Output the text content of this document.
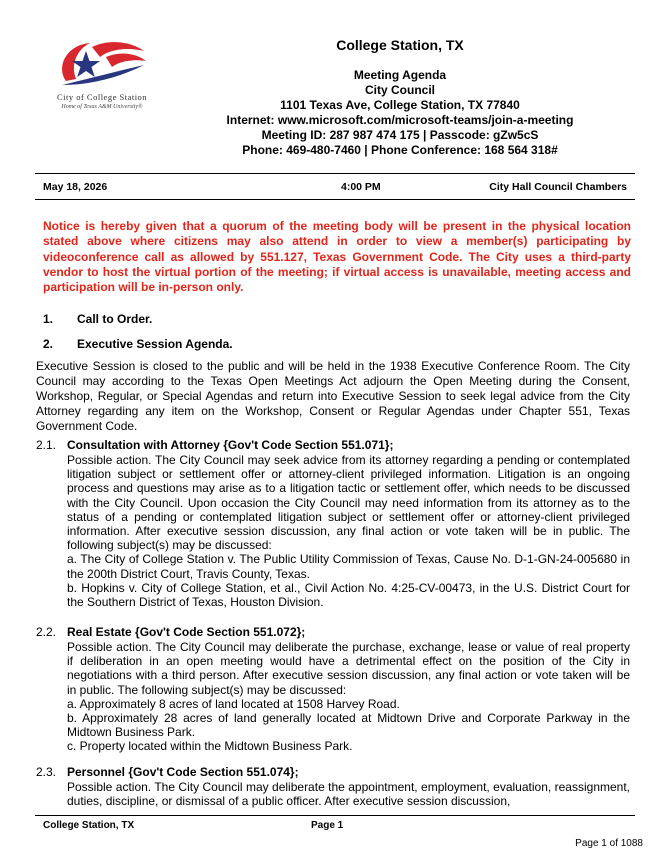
City of College Station
Home of Texas A&M University®
College Station, TX
Meeting Agenda
City Council
1101 Texas Ave, College Station, TX 77840
Internet: www.microsoft.com/microsoft-teams/join-a-meeting
Meeting ID: 287 987 474 175 | Passcode: gZw5cS
Phone: 469-480-7460 | Phone Conference: 168 564 318#
May 18, 2026	4:00 PM	City Hall Council Chambers
Notice is hereby given that a quorum of the meeting body will be present in the physical location stated above where citizens may also attend in order to view a member(s) participating by videoconference call as allowed by 551.127, Texas Government Code. The City uses a third-party vendor to host the virtual portion of the meeting; if virtual access is unavailable, meeting access and participation will be in-person only.
1. Call to Order.
2. Executive Session Agenda.
Executive Session is closed to the public and will be held in the 1938 Executive Conference Room. The City Council may according to the Texas Open Meetings Act adjourn the Open Meeting during the Consent, Workshop, Regular, or Special Agendas and return into Executive Session to seek legal advice from the City Attorney regarding any item on the Workshop, Consent or Regular Agendas under Chapter 551, Texas Government Code.
2.1. Consultation with Attorney {Gov't Code Section 551.071};

Possible action. The City Council may seek advice from its attorney regarding a pending or contemplated litigation subject or settlement offer or attorney-client privileged information. Litigation is an ongoing process and questions may arise as to a litigation tactic or settlement offer, which needs to be discussed with the City Council. Upon occasion the City Council may need information from its attorney as to the status of a pending or contemplated litigation subject or settlement offer or attorney-client privileged information. After executive session discussion, any final action or vote taken will be in public. The following subject(s) may be discussed:

a. The City of College Station v. The Public Utility Commission of Texas, Cause No. D-1-GN-24-005680 in the 200th District Court, Travis County, Texas.

b. Hopkins v. City of College Station, et al., Civil Action No. 4:25-CV-00473, in the U.S. District Court for the Southern District of Texas, Houston Division.

2.2. Real Estate {Gov't Code Section 551.072};

Possible action. The City Council may deliberate the purchase, exchange, lease or value of real property if deliberation in an open meeting would have a detrimental effect on the position of the City in negotiations with a third person. After executive session discussion, any final action or vote taken will be in public. The following subject(s) may be discussed:

a. Approximately 8 acres of land located at 1508 Harvey Road.

b. Approximately 28 acres of land generally located at Midtown Drive and Corporate Parkway in the Midtown Business Park.

c. Property located within the Midtown Business Park.

2.3. Personnel {Gov't Code Section 551.074};

Possible action. The City Council may deliberate the appointment, employment, evaluation, reassignment, duties, discipline, or dismissal of a public officer. After executive session discussion,

College Station, TX	Page 1
Page 1 of 1088
